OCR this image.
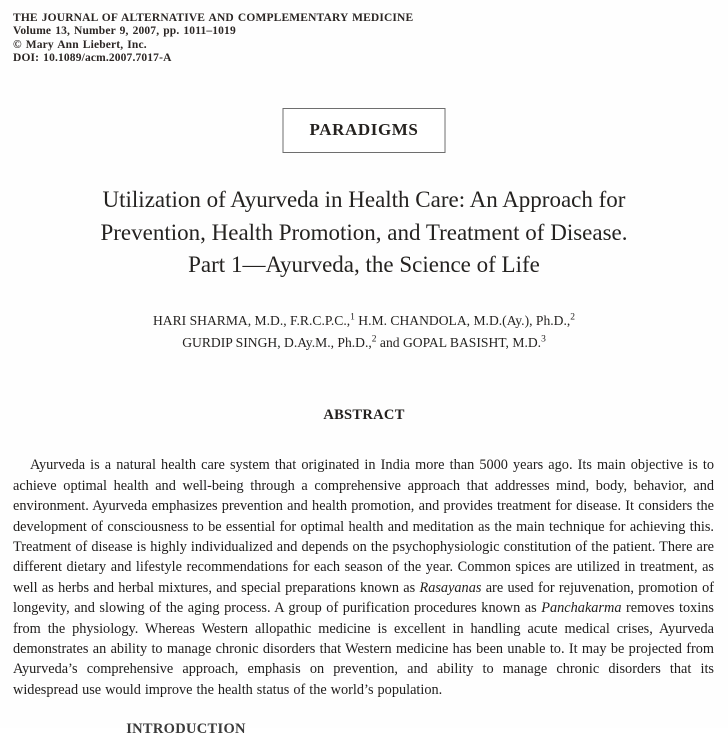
THE JOURNAL OF ALTERNATIVE AND COMPLEMENTARY MEDICINE
Volume 13, Number 9, 2007, pp. 1011–1019
© Mary Ann Liebert, Inc.
DOI: 10.1089/acm.2007.7017-A
PARADIGMS
Utilization of Ayurveda in Health Care: An Approach for
Prevention, Health Promotion, and Treatment of Disease.
Part 1—Ayurveda, the Science of Life
HARI SHARMA, M.D., F.R.C.P.C.,$^1$ H.M. CHANDOLA, M.D.(Ay.), Ph.D.,$^2$
GURDIP SINGH, D.Ay.M., Ph.D.,$^2$ and GOPAL BASISHT, M.D.$^3$
ABSTRACT

Ayurveda is a natural health care system that originated in India more than 5000 years ago. Its main objective is to achieve optimal health and well-being through a comprehensive approach that addresses mind, body, behavior, and environment. Ayurveda emphasizes prevention and health promotion, and provides treatment for disease. It considers the development of consciousness to be essential for optimal health and meditation as the main technique for achieving this. Treatment of disease is highly individualized and depends on the psychophysiologic constitution of the patient. There are different dietary and lifestyle recommendations for each season of the year. Common spices are utilized in treatment, as well as herbs and herbal mixtures, and special preparations known as Rasayanas are used for rejuvenation, promotion of longevity, and slowing of the aging process. A group of purification procedures known as Panchakarma removes toxins from the physiology. Whereas Western allopathic medicine is excellent in handling acute medical crises, Ayurveda demonstrates an ability to manage chronic disorders that Western medicine has been unable to. It may be projected from Ayurveda’s comprehensive approach, emphasis on prevention, and ability to manage chronic disorders that its widespread use would improve the health status of the world’s population.

INTRODUCTION
